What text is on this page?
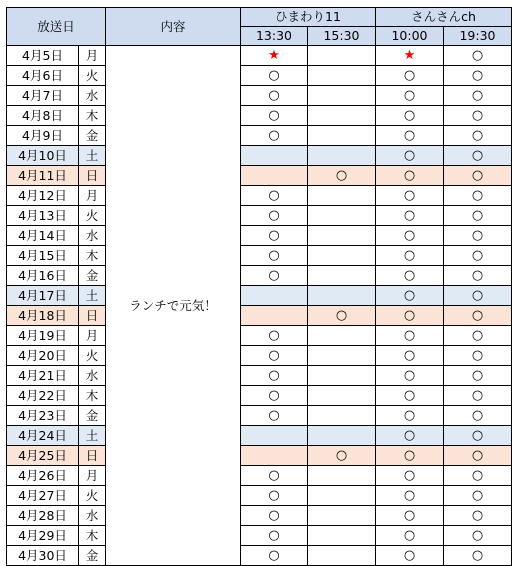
放送日		内容	ひまわり11		さんさんch	
			13:30	15:30	10:00	19:30
4月5日	月	ランチで元気！	★		★	○
4月6日	火		○		○	○
4月7日	水		○		○	○
4月8日	木		○		○	○
4月9日	金		○		○	○
4月10日	土				○	○
4月11日	日			○	○	○
4月12日	月		○		○	○
4月13日	火		○		○	○
4月14日	水		○		○	○
4月15日	木		○		○	○
4月16日	金		○		○	○
4月17日	土				○	○
4月18日	日			○	○	○
4月19日	月		○		○	○
4月20日	火		○		○	○
4月21日	水		○		○	○
4月22日	木		○		○	○
4月23日	金		○		○	○
4月24日	土				○	○
4月25日	日			○	○	○
4月26日	月		○		○	○
4月27日	火		○		○	○
4月28日	水		○		○	○
4月29日	木		○		○	○
4月30日	金		○		○	○
